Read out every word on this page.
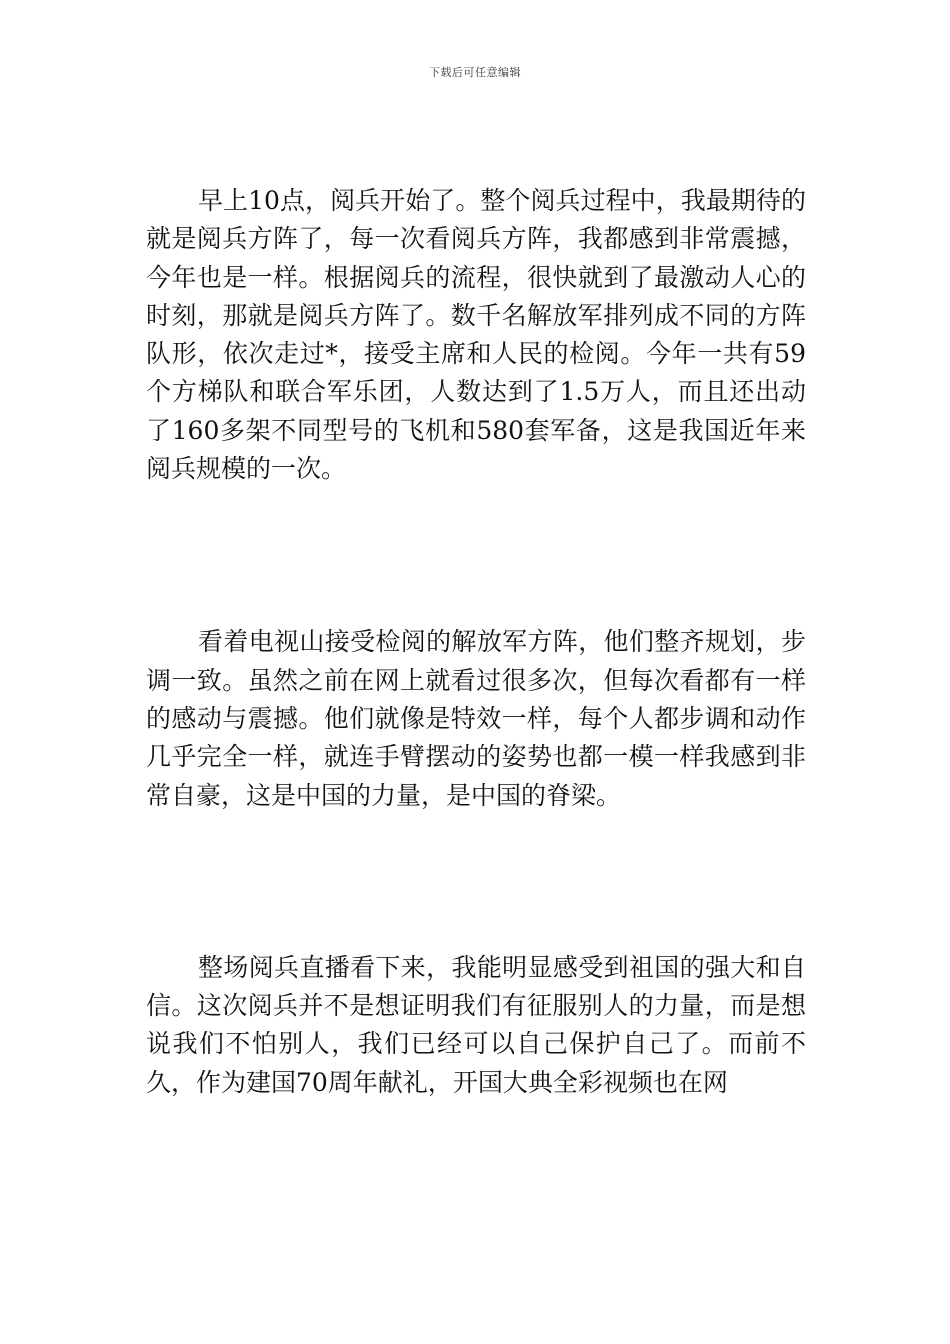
下载后可任意编辑

早上10点，阅兵开始了。整个阅兵过程中，我最期待的就是阅兵方阵了，每一次看阅兵方阵，我都感到非常震撼，今年也是一样。根据阅兵的流程，很快就到了最激动人心的时刻，那就是阅兵方阵了。数千名解放军排列成不同的方阵队形，依次走过*，接受主席和人民的检阅。今年一共有59个方梯队和联合军乐团，人数达到了1.5万人，而且还出动了160多架不同型号的飞机和580套军备，这是我国近年来阅兵规模的一次。

看着电视山接受检阅的解放军方阵，他们整齐规划，步调一致。虽然之前在网上就看过很多次，但每次看都有一样的感动与震撼。他们就像是特效一样，每个人都步调和动作几乎完全一样，就连手臂摆动的姿势也都一模一样我感到非常自豪，这是中国的力量，是中国的脊梁。

整场阅兵直播看下来，我能明显感受到祖国的强大和自信。这次阅兵并不是想证明我们有征服别人的力量，而是想说我们不怕别人，我们已经可以自己保护自己了。而前不久，作为建国70周年献礼，开国大典全彩视频也在网
